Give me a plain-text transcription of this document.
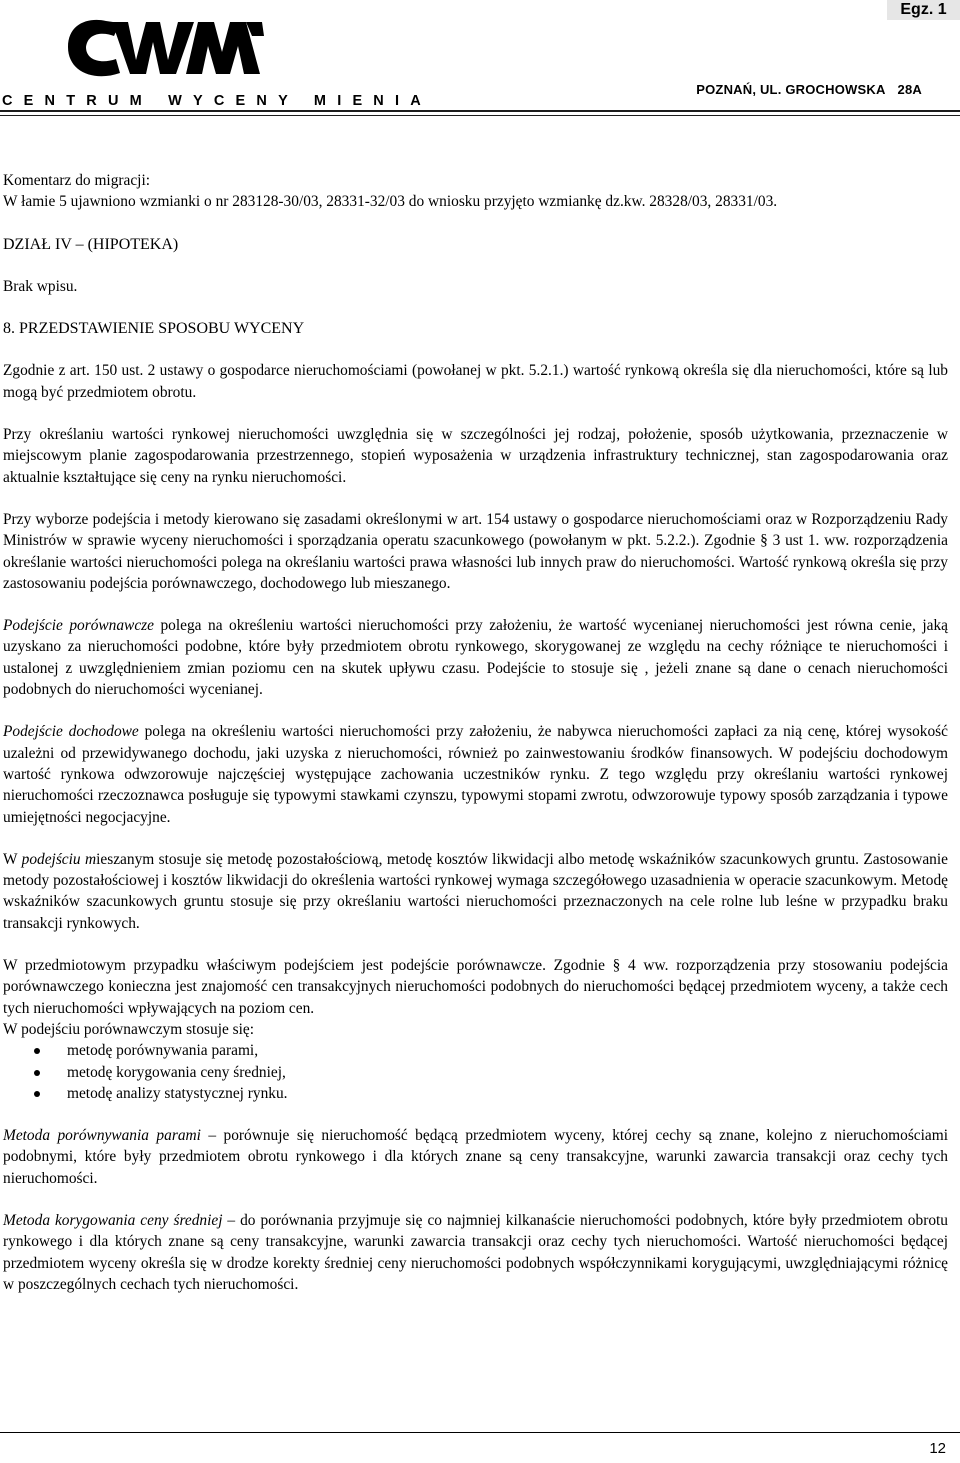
Egz. 1
CENTRUM WYCENY MIENIA
POZNAŃ, UL. GROCHOWSKA 28A

Komentarz do migracji:

W łamie 5 ujawniono wzmianki o nr 283128-30/03, 28331-32/03 do wniosku przyjęto wzmiankę dz.kw. 28328/03, 28331/03.

DZIAŁ IV – (HIPOTEKA)

Brak wpisu.

8. PRZEDSTAWIENIE SPOSOBU WYCENY

Zgodnie z art. 150 ust. 2 ustawy o gospodarce nieruchomościami (powołanej w pkt. 5.2.1.) wartość rynkową określa się dla nieruchomości, które są lub mogą być przedmiotem obrotu.

Przy określaniu wartości rynkowej nieruchomości uwzględnia się w szczególności jej rodzaj, położenie, sposób użytkowania, przeznaczenie w miejscowym planie zagospodarowania przestrzennego, stopień wyposażenia w urządzenia infrastruktury technicznej, stan zagospodarowania oraz aktualnie kształtujące się ceny na rynku nieruchomości.

Przy wyborze podejścia i metody kierowano się zasadami określonymi w art. 154 ustawy o gospodarce nieruchomościami oraz w Rozporządzeniu Rady Ministrów w sprawie wyceny nieruchomości i sporządzania operatu szacunkowego (powołanym w pkt. 5.2.2.). Zgodnie § 3 ust 1. ww. rozporządzenia określanie wartości nieruchomości polega na określaniu wartości prawa własności lub innych praw do nieruchomości. Wartość rynkową określa się przy zastosowaniu podejścia porównawczego, dochodowego lub mieszanego.

Podejście porównawcze polega na określeniu wartości nieruchomości przy założeniu, że wartość wycenianej nieruchomości jest równa cenie, jaką uzyskano za nieruchomości podobne, które były przedmiotem obrotu rynkowego, skorygowanej ze względu na cechy różniące te nieruchomości i ustalonej z uwzględnieniem zmian poziomu cen na skutek upływu czasu. Podejście to stosuje się , jeżeli znane są dane o cenach nieruchomości podobnych do nieruchomości wycenianej.

Podejście dochodowe polega na określeniu wartości nieruchomości przy założeniu, że nabywca nieruchomości zapłaci za nią cenę, której wysokość uzależni od przewidywanego dochodu, jaki uzyska z nieruchomości, również po zainwestowaniu środków finansowych. W podejściu dochodowym wartość rynkowa odwzorowuje najczęściej występujące zachowania uczestników rynku. Z tego względu przy określaniu wartości rynkowej nieruchomości rzeczoznawca posługuje się typowymi stawkami czynszu, typowymi stopami zwrotu, odwzorowuje typowy sposób zarządzania i typowe umiejętności negocjacyjne.

W podejściu mieszanym stosuje się metodę pozostałościową, metodę kosztów likwidacji albo metodę wskaźników szacunkowych gruntu. Zastosowanie metody pozostałościowej i kosztów likwidacji do określenia wartości rynkowej wymaga szczegółowego uzasadnienia w operacie szacunkowym. Metodę wskaźników szacunkowych gruntu stosuje się przy określaniu wartości nieruchomości przeznaczonych na cele rolne lub leśne w przypadku braku transakcji rynkowych.

W przedmiotowym przypadku właściwym podejściem jest podejście porównawcze. Zgodnie § 4 ww. rozporządzenia przy stosowaniu podejścia porównawczego konieczna jest znajomość cen transakcyjnych nieruchomości podobnych do nieruchomości będącej przedmiotem wyceny, a także cech tych nieruchomości wpływających na poziom cen.

W podejściu porównawczym stosuje się:

metodę porównywania parami,
metodę korygowania ceny średniej,
metodę analizy statystycznej rynku.

Metoda porównywania parami – porównuje się nieruchomość będącą przedmiotem wyceny, której cechy są znane, kolejno z nieruchomościami podobnymi, które były przedmiotem obrotu rynkowego i dla których znane są ceny transakcyjne, warunki zawarcia transakcji oraz cechy tych nieruchomości.

Metoda korygowania ceny średniej – do porównania przyjmuje się co najmniej kilkanaście nieruchomości podobnych, które były przedmiotem obrotu rynkowego i dla których znane są ceny transakcyjne, warunki zawarcia transakcji oraz cechy tych nieruchomości. Wartość nieruchomości będącej przedmiotem wyceny określa się w drodze korekty średniej ceny nieruchomości podobnych współczynnikami korygującymi, uwzględniającymi różnicę w poszczególnych cechach tych nieruchomości.

12
